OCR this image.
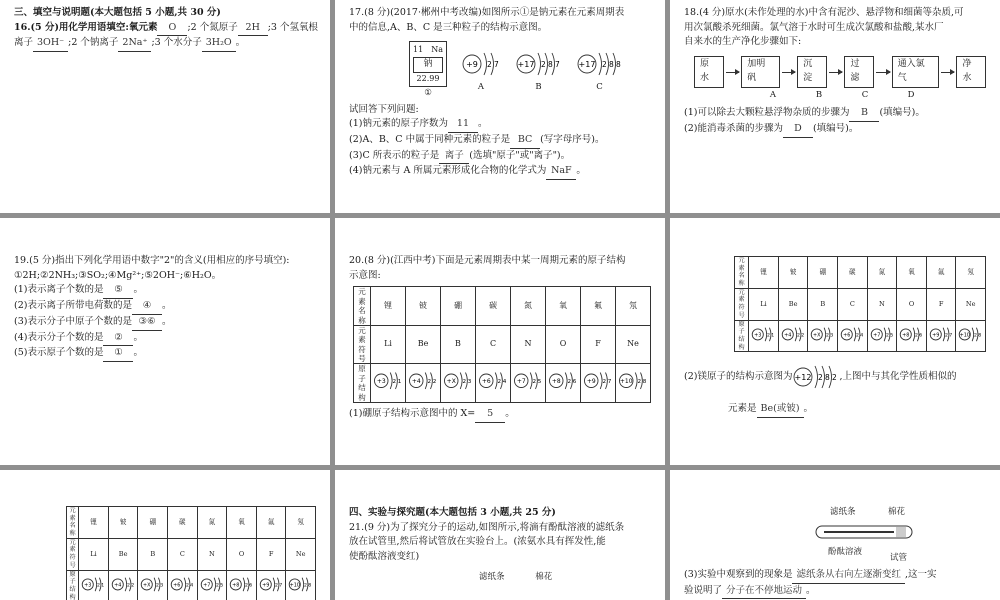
三、填空与说明题(本大题包括 5 小题,共 30 分)
16.(5 分)用化学用语填空:氧元素 O ;2 个氮原子 2H ;3 个氢氧根
离子 3OH⁻ ;2 个钠离子 2Na⁺ ;3 个水分子 3H₂O 。
17.(8 分)(2017·郴州中考改编)如图所示①是钠元素在元素周期表
中的信息,A、B、C 是三种粒子的结构示意图。
11 Na
钠
22.99
①
+9 2 7
A
+17 2 8 7
B
+17 2 8 8
C
试回答下列问题:
(1)钠元素的原子序数为 11 。
(2)A、B、C 中属于同种元素的粒子是 BC (写字母序号)。
(3)C 所表示的粒子是 离子 (选填"原子"或"离子")。
(4)钠元素与 A 所属元素形成化合物的化学式为 NaF 。
18.(4 分)原水(未作处理的水)中含有泥沙、悬浮物和细菌等杂质,可
用次氯酸杀死细菌。氯气溶于水时可生成次氯酸和盐酸,某水厂
自来水的生产净化步骤如下:
原水
加明矾
沉淀
过滤
通入氯气
净水
A	B	C	D
(1)可以除去大颗粒悬浮物杂质的步骤为 B (填编号)。
(2)能消毒杀菌的步骤为 D (填编号)。
19.(5 分)指出下列化学用语中数字"2"的含义(用相应的序号填空):
①2H;②2NH₃;③SO₂;④Mg²⁺;⑤2OH⁻;⑥H₂O。
(1)表示离子个数的是 ⑤ 。
(2)表示离子所带电荷数的是 ④ 。
(3)表示分子中原子个数的是 ③⑥ 。
(4)表示分子个数的是 ② 。
(5)表示原子个数的是 ① 。
20.(8 分)(江西中考)下面是元素周期表中某一周期元素的原子结构
示意图:
元素名称	锂	铍	硼	碳	氮	氧	氟	氖
元素符号	Li	Be	B	C	N	O	F	Ne
原子结构	+3 2 1	+4 2 2	+X 2 3	+6 2 4	+7 2 5	+8 2 6	+9 2 7	+10 2 8
(1)硼原子结构示意图中的 X= 5 。
元素名称	锂	铍	硼	碳	氮	氧	氟	氖
元素符号	Li	Be	B	C	N	O	F	Ne
原子结构	+3 2 1	+4 2 2	+X 2 3	+6 2 4	+7 2 5	+8 2 6	+9 2 7	+10 2 8
(2)镁原子的结构示意图为 +12 2 8 2 ,上图中与其化学性质相似的
元素是 Be(或铍) 。
元素名称	锂	铍	硼	碳	氮	氧	氟	氖
元素符号	Li	Be	B	C	N	O	F	Ne
原子结构	+3 2 1	+4 2 2	+X 2 3	+6 2 4	+7 2 5	+8 2 6	+9 2 7	+10 2 8
四、实验与探究题(本大题包括 3 小题,共 25 分)
21.(9 分)为了探究分子的运动,如图所示,将滴有酚酞溶液的滤纸条
放在试管里,然后将试管放在实验台上。(浓氨水具有挥发性,能
使酚酞溶液变红)
滤纸条	棉花
滤纸条	棉花
酚酞溶液
试管
(3)实验中观察到的现象是 滤纸条从右向左逐渐变红 ,这一实
验说明了 分子在不停地运动 。
